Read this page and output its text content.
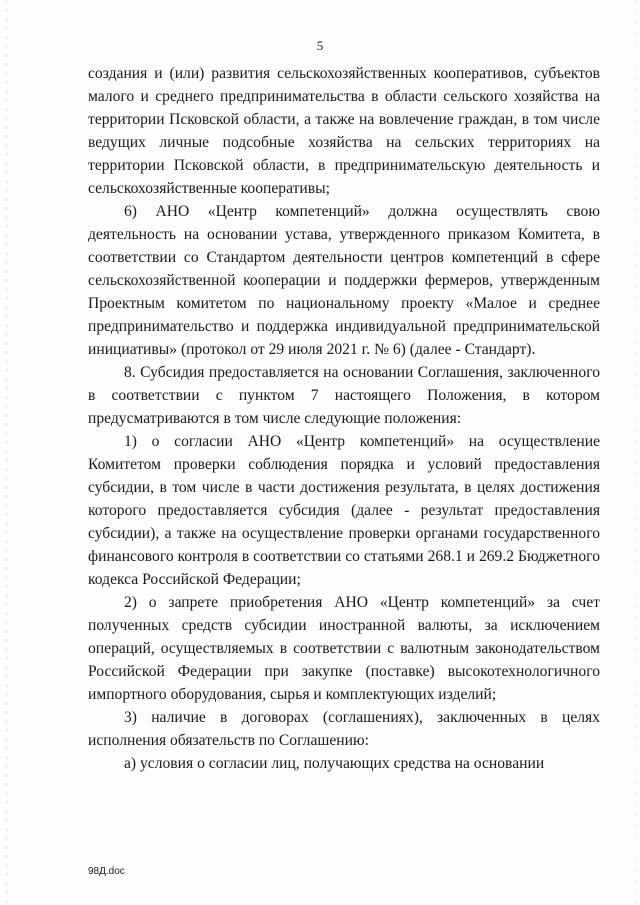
5

создания и (или) развития сельскохозяйственных кооперативов, субъектов малого и среднего предпринимательства в области сельского хозяйства на территории Псковской области, а также на вовлечение граждан, в том числе ведущих личные подсобные хозяйства на сельских территориях на территории Псковской области, в предпринимательскую деятельность и сельскохозяйственные кооперативы;

6) АНО «Центр компетенций» должна осуществлять свою деятельность на основании устава, утвержденного приказом Комитета, в соответствии со Стандартом деятельности центров компетенций в сфере сельскохозяйственной кооперации и поддержки фермеров, утвержденным Проектным комитетом по национальному проекту «Малое и среднее предпринимательство и поддержка индивидуальной предпринимательской инициативы» (протокол от 29 июля 2021 г. № 6) (далее - Стандарт).

8. Субсидия предоставляется на основании Соглашения, заключенного в соответствии с пунктом 7 настоящего Положения, в котором предусматриваются в том числе следующие положения:

1) о согласии АНО «Центр компетенций» на осуществление Комитетом проверки соблюдения порядка и условий предоставления субсидии, в том числе в части достижения результата, в целях достижения которого предоставляется субсидия (далее - результат предоставления субсидии), а также на осуществление проверки органами государственного финансового контроля в соответствии со статьями 268.1 и 269.2 Бюджетного кодекса Российской Федерации;

2) о запрете приобретения АНО «Центр компетенций» за счет полученных средств субсидии иностранной валюты, за исключением операций, осуществляемых в соответствии с валютным законодательством Российской Федерации при закупке (поставке) высокотехнологичного импортного оборудования, сырья и комплектующих изделий;

3) наличие в договорах (соглашениях), заключенных в целях исполнения обязательств по Соглашению:

а) условия о согласии лиц, получающих средства на основании

98Д.doc
